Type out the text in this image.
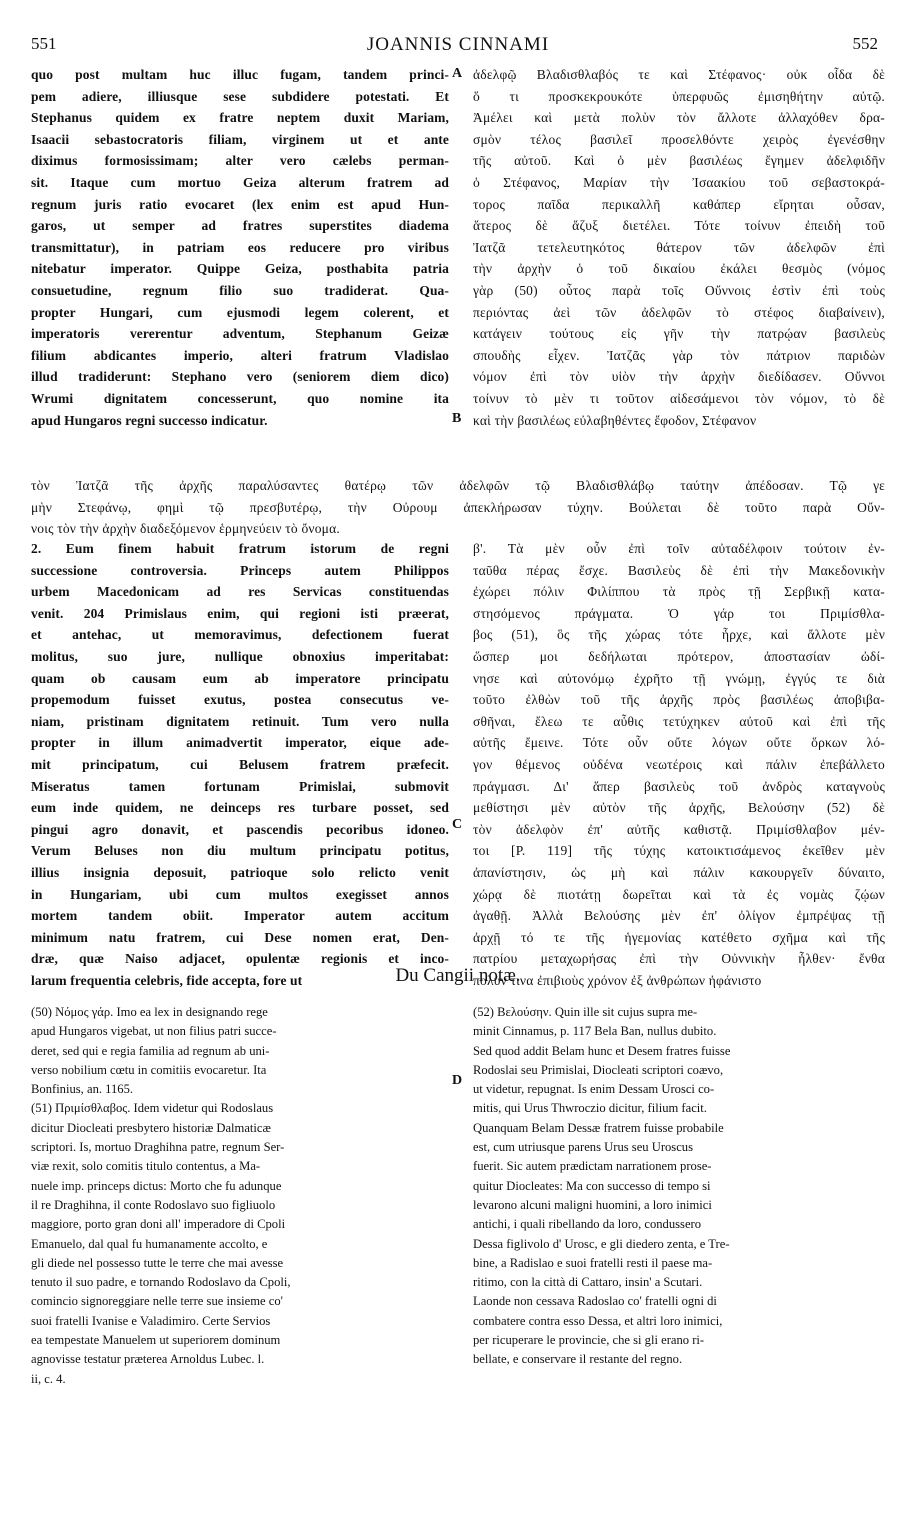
551	JOANNIS CINNAMI	552
quo post multam huc illuc fugam, tandem princi-
pem adiere, illiusque sese subdidere potestati. Et
Stephanus quidem ex fratre neptem duxit Mariam,
Isaacii sebastocratoris filiam, virginem ut et ante
diximus formosissimam; alter vero cælebs perman-
sit. Itaque cum mortuo Geiza alterum fratrem ad
regnum juris ratio evocaret (lex enim est apud Hun-
garos, ut semper ad fratres superstites diadema
transmittatur), in patriam eos reducere pro viribus
nitebatur imperator. Quippe Geiza, posthabita patria
consuetudine, regnum filio suo tradiderat. Qua-
propter Hungari, cum ejusmodi legem colerent, et
imperatoris vererentur adventum, Stephanum Geizæ
filium abdicantes imperio, alteri fratrum Vladislao
illud tradiderunt: Stephano vero (seniorem diem dico)
Wrumi dignitatem concesserunt, quo nomine ita
apud Hungaros regni successo indicatur.
ἀδελφῷ Βλαδισθλαβός τε καὶ Στέφανος· οὐκ οἶδα δὲ
ὅ τι προσκεκρουκότε ὑπερφυῶς ἐμισηθήτην αὐτῷ.
Ἀμέλει καὶ μετὰ πολὺν τὸν ἄλλοτε ἀλλαχόθεν δρα-
σμὸν τέλος βασιλεῖ προσελθόντε χειρὸς ἐγενέσθην
τῆς αὐτοῦ. Καὶ ὁ μὲν βασιλέως ἔγημεν ἀδελφιδῆν
ὁ Στέφανος, Μαρίαν τὴν Ἰσαακίου τοῦ σεβαστοκρά-
τορος παῖδα περικαλλῆ καθάπερ εἴρηται οὖσαν,
ἅτερος δὲ ἄζυξ διετέλει. Τότε τοίνυν ἐπειδὴ τοῦ
Ἰατζᾶ τετελευτηκότος θάτερον τῶν ἀδελφῶν ἐπὶ
τὴν ἀρχὴν ὁ τοῦ δικαίου ἐκάλει θεσμὸς (νόμος
γὰρ (50) οὗτος παρὰ τοῖς Οὔννοις ἐστὶν ἐπὶ τοὺς
περιόντας ἀεὶ τῶν ἀδελφῶν τὸ στέφος διαβαίνειν),
κατάγειν τούτους εἰς γῆν τὴν πατρῴαν βασιλεὺς
σπουδὴς εἶχεν. Ἰατζᾶς γὰρ τὸν πάτριον παριδὼν
νόμον ἐπὶ τὸν υἱὸν τὴν ἀρχὴν διεδίδασεν. Οὔννοι
τοίνυν τὸ μὲν τι τοῦτον αἰδεσάμενοι τὸν νόμον, τὸ δὲ
καὶ τὴν βασιλέως εὐλαβηθέντες ἔφοδον, Στέφανον
A
B
C
D
τὸν Ἰατζᾶ τῆς ἀρχῆς παραλύσαντες θατέρῳ τῶν ἀδελφῶν τῷ Βλαδισθλάβῳ ταύτην ἀπέδοσαν. Τῷ γε
μὴν Στεφάνῳ, φημὶ τῷ πρεσβυτέρῳ, τὴν Οὐρουμ ἀπεκλήρωσαν τύχην. Βούλεται δὲ τοῦτο παρὰ Οὔν-
νοις τὸν τὴν ἀρχὴν διαδεξόμενον ἑρμηνεύειν τὸ ὄνομα.
2. Eum finem habuit fratrum istorum de regni
successione controversia. Princeps autem Philippos
urbem Macedonicam ad res Servicas constituendas
venit. 204 Primislaus enim, qui regioni isti præerat,
et antehac, ut memoravimus, defectionem fuerat
molitus, suo jure, nullique obnoxius imperitabat:
quam ob causam eum ab imperatore principatu
propemodum fuisset exutus, postea consecutus ve-
niam, pristinam dignitatem retinuit. Tum vero nulla
propter in illum animadvertit imperator, eique ade-
mit principatum, cui Belusem fratrem præfecit.
Miseratus tamen fortunam Primislai, submovit
eum inde quidem, ne deinceps res turbare posset, sed
pingui agro donavit, et pascendis pecoribus idoneo.
Verum Beluses non diu multum principatu potitus,
illius insignia deposuit, patrioque solo relicto venit
in Hungariam, ubi cum multos exegisset annos
mortem tandem obiit. Imperator autem accitum
minimum natu fratrem, cui Dese nomen erat, Den-
dræ, quæ Naiso adjacet, opulentæ regionis et inco-
larum frequentia celebris, fide accepta, fore ut
β'. Τὰ μὲν οὖν ἐπὶ τοῖν αὐταδέλφοιν τούτοιν ἐν-
ταῦθα πέρας ἔσχε. Βασιλεὺς δὲ ἐπὶ τὴν Μακεδονικὴν
ἐχώρει πόλιν Φιλίππου τὰ πρὸς τῇ Σερβικῇ κατα-
στησόμενος πράγματα. Ὁ γάρ τοι Πριμίσθλα-
βος (51), ὃς τῆς χώρας τότε ἦρχε, καὶ ἄλλοτε μὲν
ὥσπερ μοι δεδήλωται πρότερον, ἀποστασίαν ὠδί-
νησε καὶ αὐτονόμῳ ἐχρῆτο τῇ γνώμῃ, ἐγγύς τε διὰ
τοῦτο ἐλθὼν τοῦ τῆς ἀρχῆς πρὸς βασιλέως ἀποβιβα-
σθῆναι, ἔλεω τε αὖθις τετύχηκεν αὐτοῦ καὶ ἐπὶ τῆς
αὐτῆς ἔμεινε. Τότε οὖν οὔτε λόγων οὔτε ὅρκων λό-
γον θέμενος οὐδένα νεωτέροις καὶ πάλιν ἐπεβάλλετο
πράγμασι. Δι' ἅπερ βασιλεὺς τοῦ ἀνδρὸς καταγνοὺς
μεθίστησι μὲν αὐτὸν τῆς ἀρχῆς, Βελούσην (52) δὲ
τὸν ἀδελφὸν ἐπ' αὐτῆς καθιστᾷ. Πριμίσθλαβον μέν-
τοι [P. 119] τῆς τύχης κατοικτισάμενος ἐκεῖθεν μὲν
ἀπανίστησιν, ὡς μὴ καὶ πάλιν κακουργεῖν δύναιτο,
χώρᾳ δὲ πιοτάτῃ δωρεῖται καὶ τὰ ἐς νομὰς ζῴων
ἀγαθῇ. Ἀλλὰ Βελούσης μὲν ἐπ' ὀλίγον ἐμπρέψας τῇ
ἀρχῇ τό τε τῆς ἡγεμονίας κατέθετο σχῆμα καὶ τῆς
πατρίου μεταχωρήσας ἐπὶ τὴν Οὐννικὴν ἦλθεν· ἔνθα
πολὺν τινα ἐπιβιοὺς χρόνον ἐξ ἀνθρώπων ἠφάνιστο
Du Cangii notæ.
(50) Νόμος γάρ. Imo ea lex in designando rege
apud Hungaros vigebat, ut non filius patri succe-
deret, sed qui e regia familia ad regnum ab uni-
verso nobilium cœtu in comitiis evocaretur. Ita
Bonfinius, an. 1165.
(51) Πριμίσθλαβος. Idem videtur qui Rodoslaus
dicitur Diocleati presbytero historiæ Dalmaticæ
scriptori. Is, mortuo Draghihna patre, regnum Ser-
viæ rexit, solo comitis titulo contentus, a Ma-
nuele imp. princeps dictus: Morto che fu adunque
il re Draghihna, il conte Rodoslavo suo figliuolo
maggiore, porto gran doni all' imperadore di Cpoli
Emanuelo, dal qual fu humanamente accolto, e
gli diede nel possesso tutte le terre che mai avesse
tenuto il suo padre, e tornando Rodoslavo da Cpoli,
comincio signoreggiare nelle terre sue insieme co'
suoi fratelli Ivanise e Valadimiro. Certe Servios
ea tempestate Manuelem ut superiorem dominum
agnovisse testatur præterea Arnoldus Lubec. l.
ii, c. 4.
(52) Βελούσην. Quin ille sit cujus supra me-
minit Cinnamus, p. 117 Bela Ban, nullus dubito.
Sed quod addit Belam hunc et Desem fratres fuisse
Rodoslai seu Primislai, Diocleati scriptori coævo,
ut videtur, repugnat. Is enim Dessam Urosci co-
mitis, qui Urus Thwroczio dicitur, filium facit.
Quanquam Belam Dessæ fratrem fuisse probabile
est, cum utriusque parens Urus seu Uroscus
fuerit. Sic autem prædictam narrationem prose-
quitur Diocleates: Ma con successo di tempo si
levarono alcuni maligni huomini, a loro inimici
antichi, i quali ribellando da loro, condussero
Dessa figlivolo d' Urosc, e gli diedero zenta, e Tre-
bine, a Radislao e suoi fratelli resti il paese ma-
ritimo, con la città di Cattaro, insin' a Scutari.
Laonde non cessava Radoslao co' fratelli ogni di
combatere contra esso Dessa, et altri loro inimici,
per ricuperare le provincie, che si gli erano ri-
bellate, e conservare il restante del regno.
